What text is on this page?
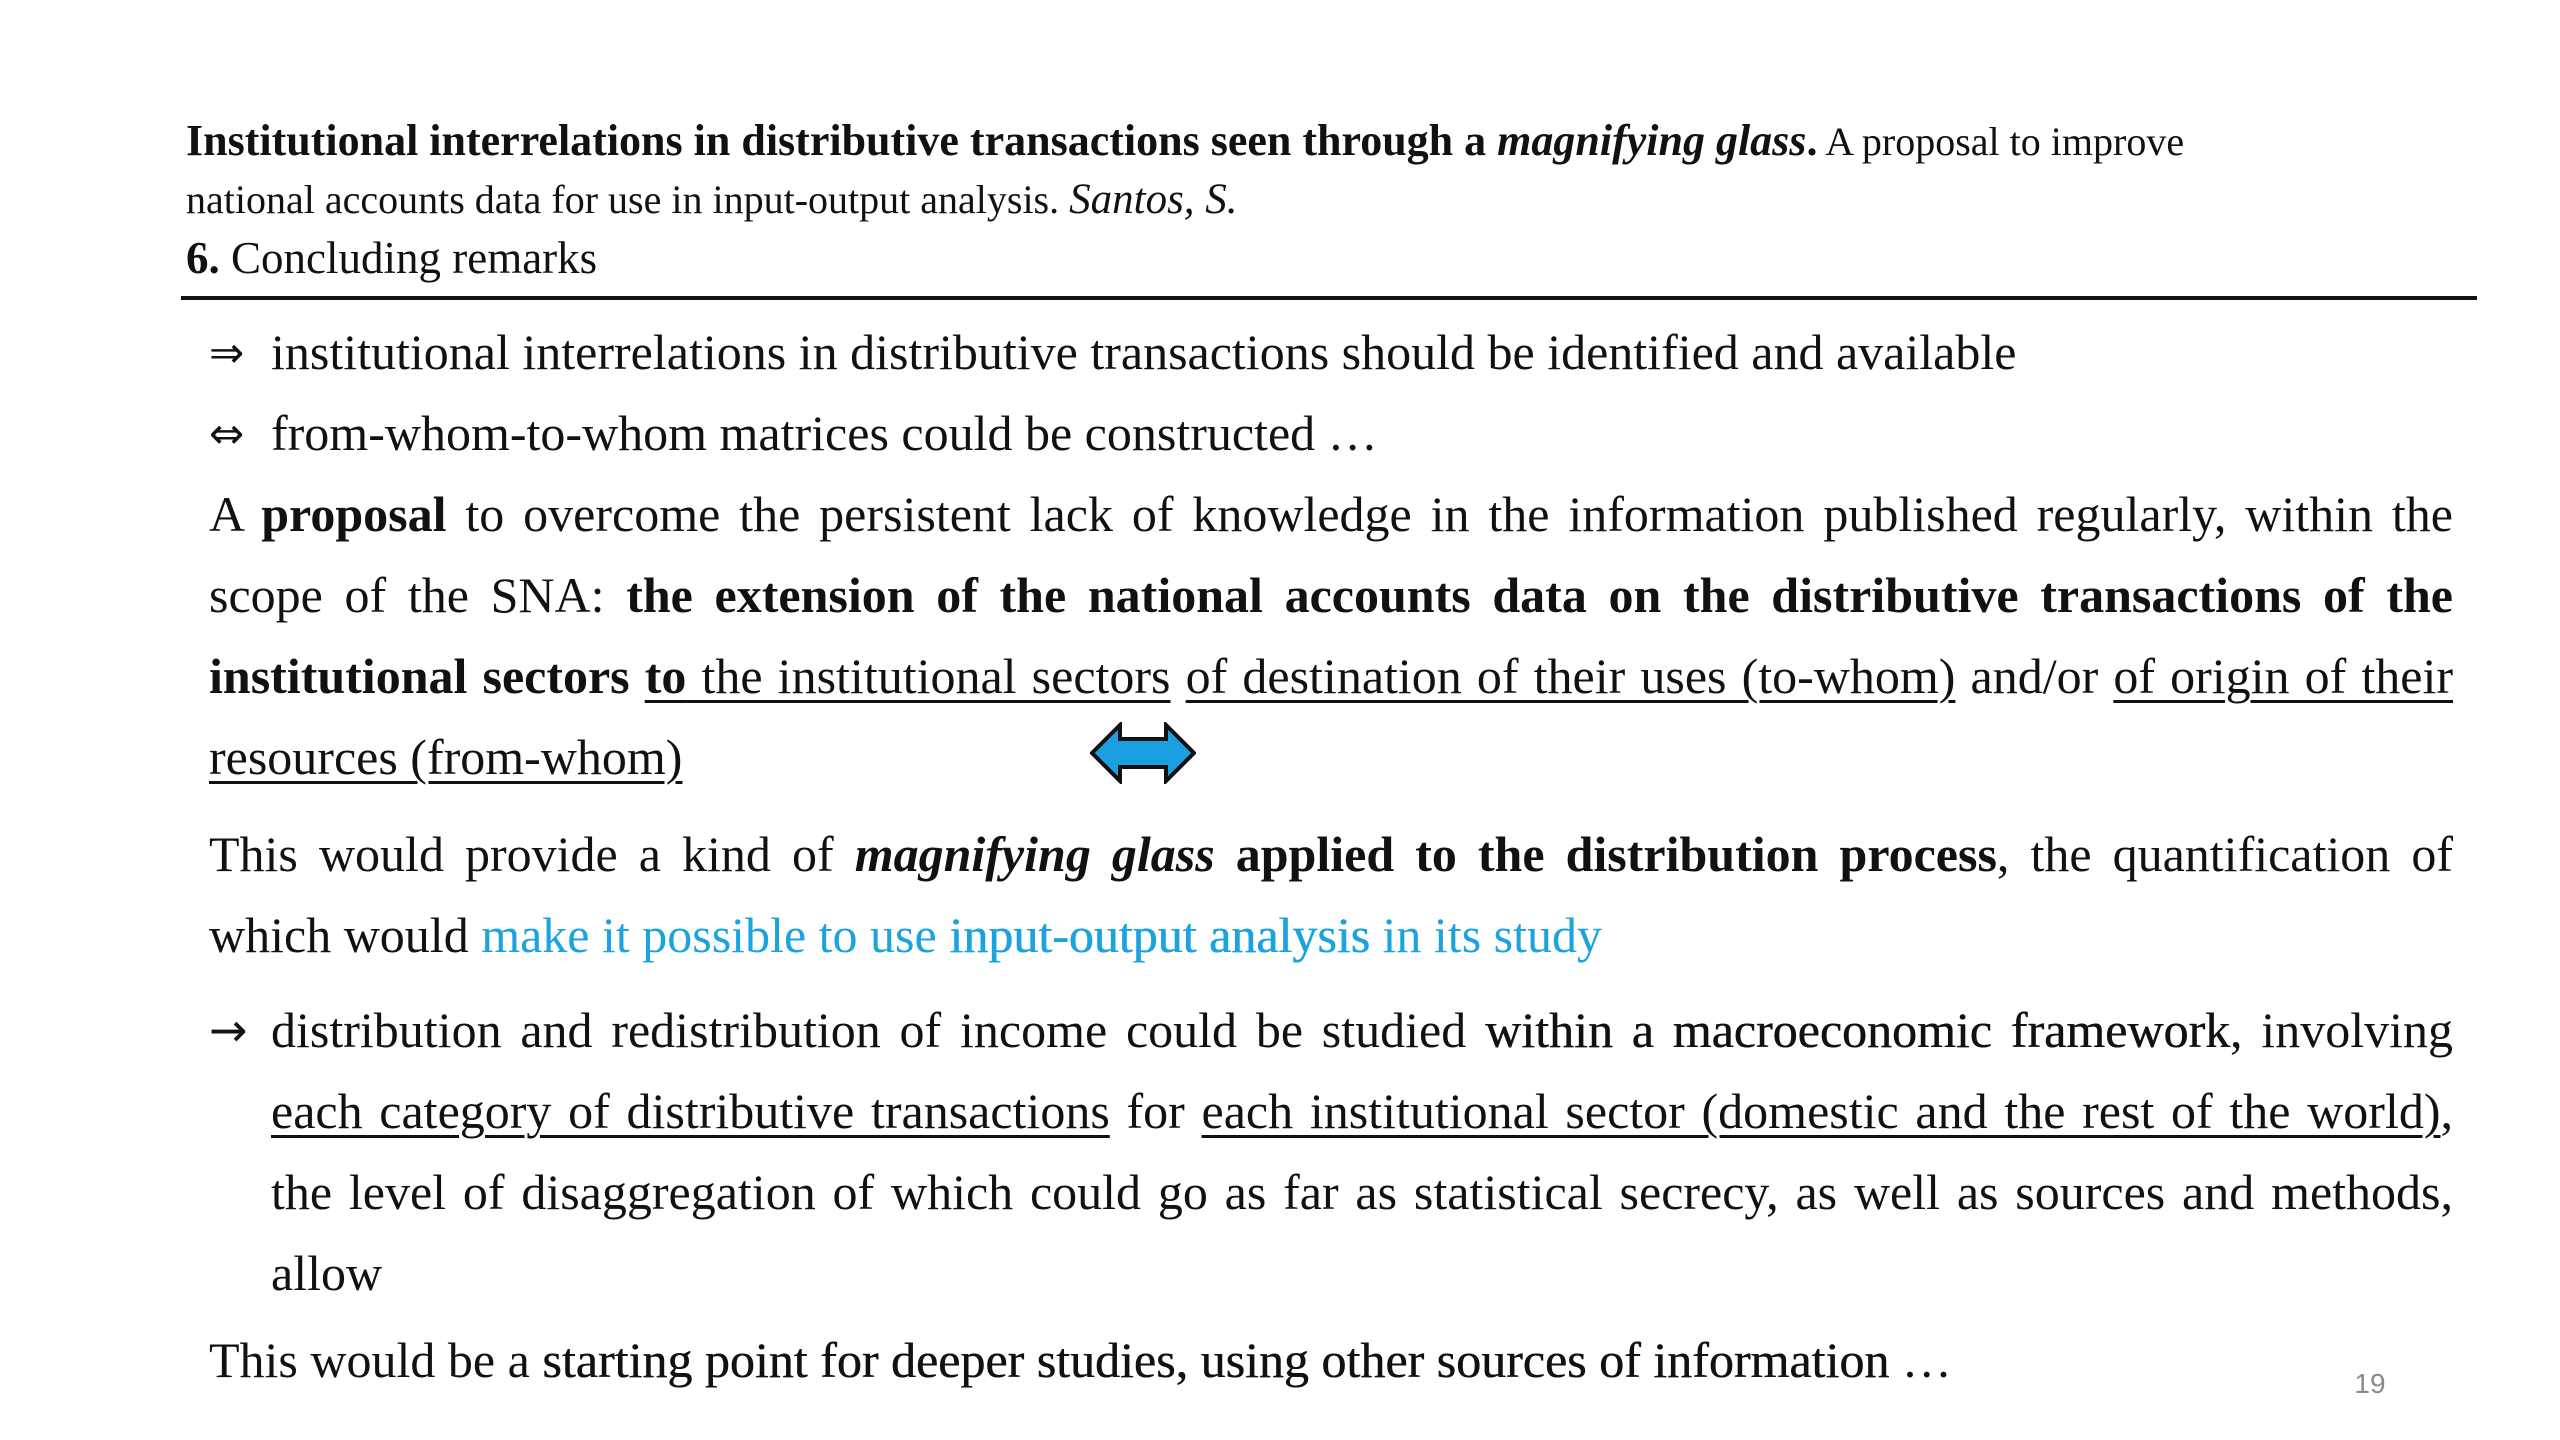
Institutional interrelations in distributive transactions seen through a magnifying glass. A proposal to improve
national accounts data for use in input-output analysis. Santos, S.
6. Concluding remarks
⇒ institutional interrelations in distributive transactions should be identified and available
⇔ from-whom-to-whom matrices could be constructed …
A proposal to overcome the persistent lack of knowledge in the information published regularly, within the scope of the SNA: the extension of the national accounts data on the distributive transactions of the institutional sectors to the institutional sectors of destination of their uses (to-whom) and/or of origin of their resources (from-whom)
This would provide a kind of magnifying glass applied to the distribution process, the quantification of which would make it possible to use input-output analysis in its study
→ distribution and redistribution of income could be studied within a macroeconomic framework, involving each category of distributive transactions for each institutional sector (domestic and the rest of the world), the level of disaggregation of which could go as far as statistical secrecy, as well as sources and methods, allow
This would be a starting point for deeper studies, using other sources of information …	19
